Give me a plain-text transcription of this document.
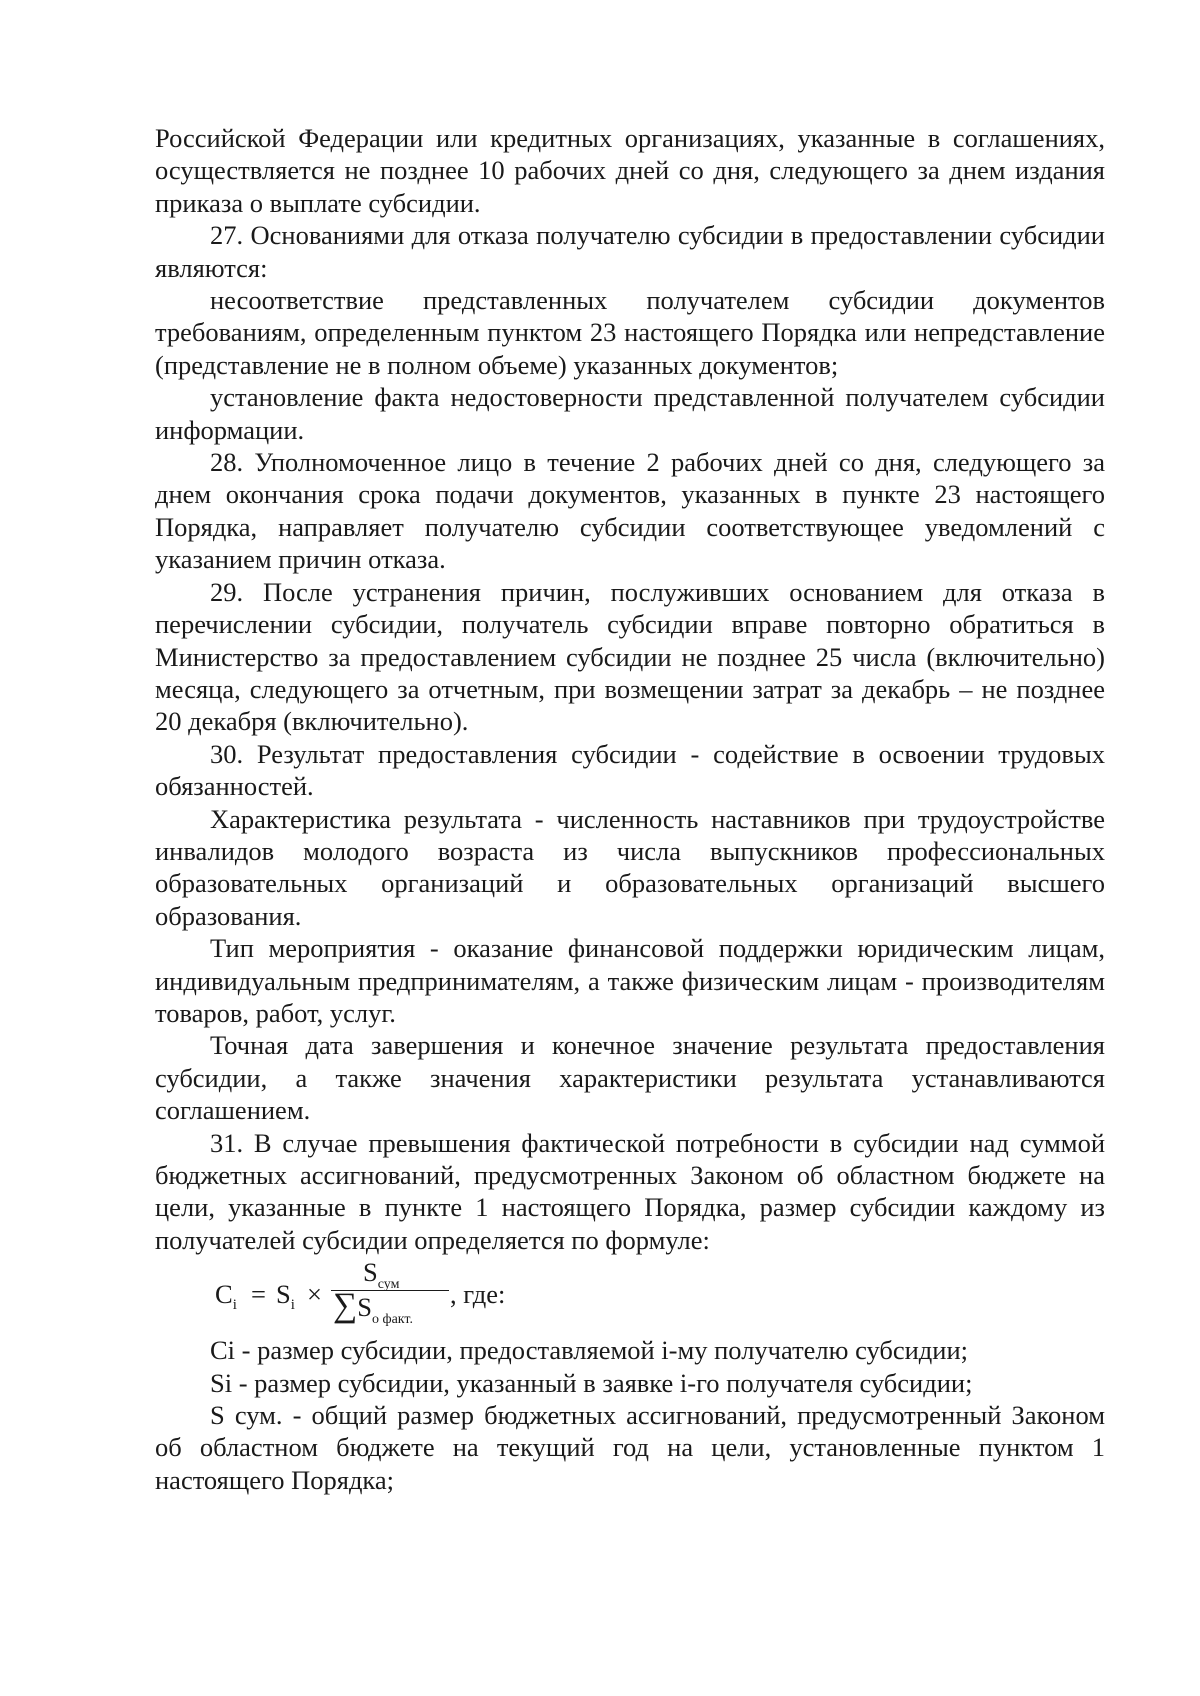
Российской Федерации или кредитных организациях, указанные в соглашениях, осуществляется не позднее 10 рабочих дней со дня, следующего за днем издания приказа о выплате субсидии.

27. Основаниями для отказа получателю субсидии в предоставлении субсидии являются:

несоответствие представленных получателем субсидии документов требованиям, определенным пунктом 23 настоящего Порядка или непредставление (представление не в полном объеме) указанных документов;

установление факта недостоверности представленной получателем субсидии информации.

28. Уполномоченное лицо в течение 2 рабочих дней со дня, следующего за днем окончания срока подачи документов, указанных в пункте 23 настоящего Порядка, направляет получателю субсидии соответствующее уведомлений с указанием причин отказа.

29. После устранения причин, послуживших основанием для отказа в перечислении субсидии, получатель субсидии вправе повторно обратиться в Министерство за предоставлением субсидии не позднее 25 числа (включительно) месяца, следующего за отчетным, при возмещении затрат за декабрь – не позднее 20 декабря (включительно).

30. Результат предоставления субсидии - содействие в освоении трудовых обязанностей.

Характеристика результата - численность наставников при трудоустройстве инвалидов молодого возраста из числа выпускников профессиональных образовательных организаций и образовательных организаций высшего образования.

Тип мероприятия - оказание финансовой поддержки юридическим лицам, индивидуальным предпринимателям, а также физическим лицам - производителям товаров, работ, услуг.

Точная дата завершения и конечное значение результата предоставления субсидии, а также значения характеристики результата устанавливаются соглашением.

31. В случае превышения фактической потребности в субсидии над суммой бюджетных ассигнований, предусмотренных Законом об областном бюджете на цели, указанные в пункте 1 настоящего Порядка, размер субсидии каждому из получателей субсидии определяется по формуле:

$C_i = S_i$ ×
$S_{сум}$
$\sum S_{о факт.}$
, где:

Ci - размер субсидии, предоставляемой i-му получателю субсидии;

Si - размер субсидии, указанный в заявке i-го получателя субсидии;

S сум. - общий размер бюджетных ассигнований, предусмотренный Законом об областном бюджете на текущий год на цели, установленные пунктом 1 настоящего Порядка;
